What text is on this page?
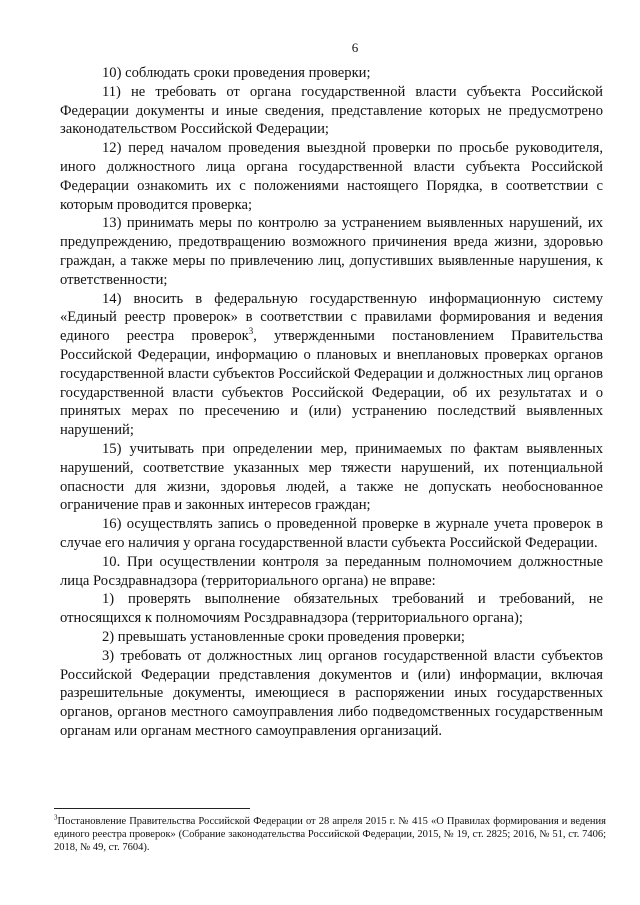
6

10) соблюдать сроки проведения проверки;

11) не требовать от органа государственной власти субъекта Российской Федерации документы и иные сведения, представление которых не предусмотрено законодательством Российской Федерации;

12) перед началом проведения выездной проверки по просьбе руководителя, иного должностного лица органа государственной власти субъекта Российской Федерации ознакомить их с положениями настоящего Порядка, в соответствии с которым проводится проверка;

13) принимать меры по контролю за устранением выявленных нарушений, их предупреждению, предотвращению возможного причинения вреда жизни, здоровью граждан, а также меры по привлечению лиц, допустивших выявленные нарушения, к ответственности;

14) вносить в федеральную государственную информационную систему «Единый реестр проверок» в соответствии с правилами формирования и ведения единого реестра проверок$^3$, утвержденными постановлением Правительства Российской Федерации, информацию о плановых и внеплановых проверках органов государственной власти субъектов Российской Федерации и должностных лиц органов государственной власти субъектов Российской Федерации, об их результатах и о принятых мерах по пресечению и (или) устранению последствий выявленных нарушений;

15) учитывать при определении мер, принимаемых по фактам выявленных нарушений, соответствие указанных мер тяжести нарушений, их потенциальной опасности для жизни, здоровья людей, а также не допускать необоснованное ограничение прав и законных интересов граждан;

16) осуществлять запись о проведенной проверке в журнале учета проверок в случае его наличия у органа государственной власти субъекта Российской Федерации.

10. При осуществлении контроля за переданным полномочием должностные лица Росздравнадзора (территориального органа) не вправе:

1) проверять выполнение обязательных требований и требований, не относящихся к полномочиям Росздравнадзора (территориального органа);

2) превышать установленные сроки проведения проверки;

3) требовать от должностных лиц органов государственной власти субъектов Российской Федерации представления документов и (или) информации, включая разрешительные документы, имеющиеся в распоряжении иных государственных органов, органов местного самоуправления либо подведомственных государственным органам или органам местного самоуправления организаций.

$^3$Постановление Правительства Российской Федерации от 28 апреля 2015 г. № 415 «О Правилах формирования и ведения единого реестра проверок» (Собрание законодательства Российской Федерации, 2015, № 19, ст. 2825; 2016, № 51, ст. 7406; 2018, № 49, ст. 7604).
